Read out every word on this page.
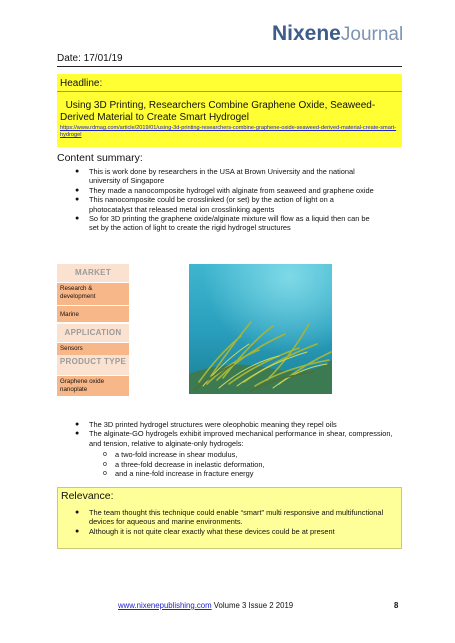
NixeneJournal
Date: 17/01/19
Headline:
Using 3D Printing, Researchers Combine Graphene Oxide, Seaweed-Derived Material to Create Smart Hydrogel
https://www.rdmag.com/article/2019/01/using-3d-printing-researchers-combine-graphene-oxide-seaweed-derived-material-create-smart-hydrogel
Content summary:
● This is work done by researchers in the USA at Brown University and the national university of Singapore
● They made a nanocomposite hydrogel with alginate from seaweed and graphene oxide
● This nanocomposite could be crosslinked (or set) by the action of light on a photocatalyst that released metal ion crosslinking agents
● So for 3D printing the graphene oxide/alginate mixture will flow as a liquid then can be set by the action of light to create the rigid hydrogel structures
MARKET
Research & development
Marine
APPLICATION
Sensors
PRODUCT TYPE
Graphene oxide nanoplate
● The 3D printed hydrogel structures were oleophobic meaning they repel oils
● The alginate-GO hydrogels exhibit improved mechanical performance in shear, compression, and tension, relative to alginate-only hydrogels:
o a two-fold increase in shear modulus,
o a three-fold decrease in inelastic deformation,
o and a nine-fold increase in fracture energy
Relevance:
● The team thought this technique could enable “smart” multi responsive and multifunctional devices for aqueous and marine environments.
● Although it is not quite clear exactly what these devices could be at present
www.nixenepublishing.com Volume 3 Issue 2 2019	8
